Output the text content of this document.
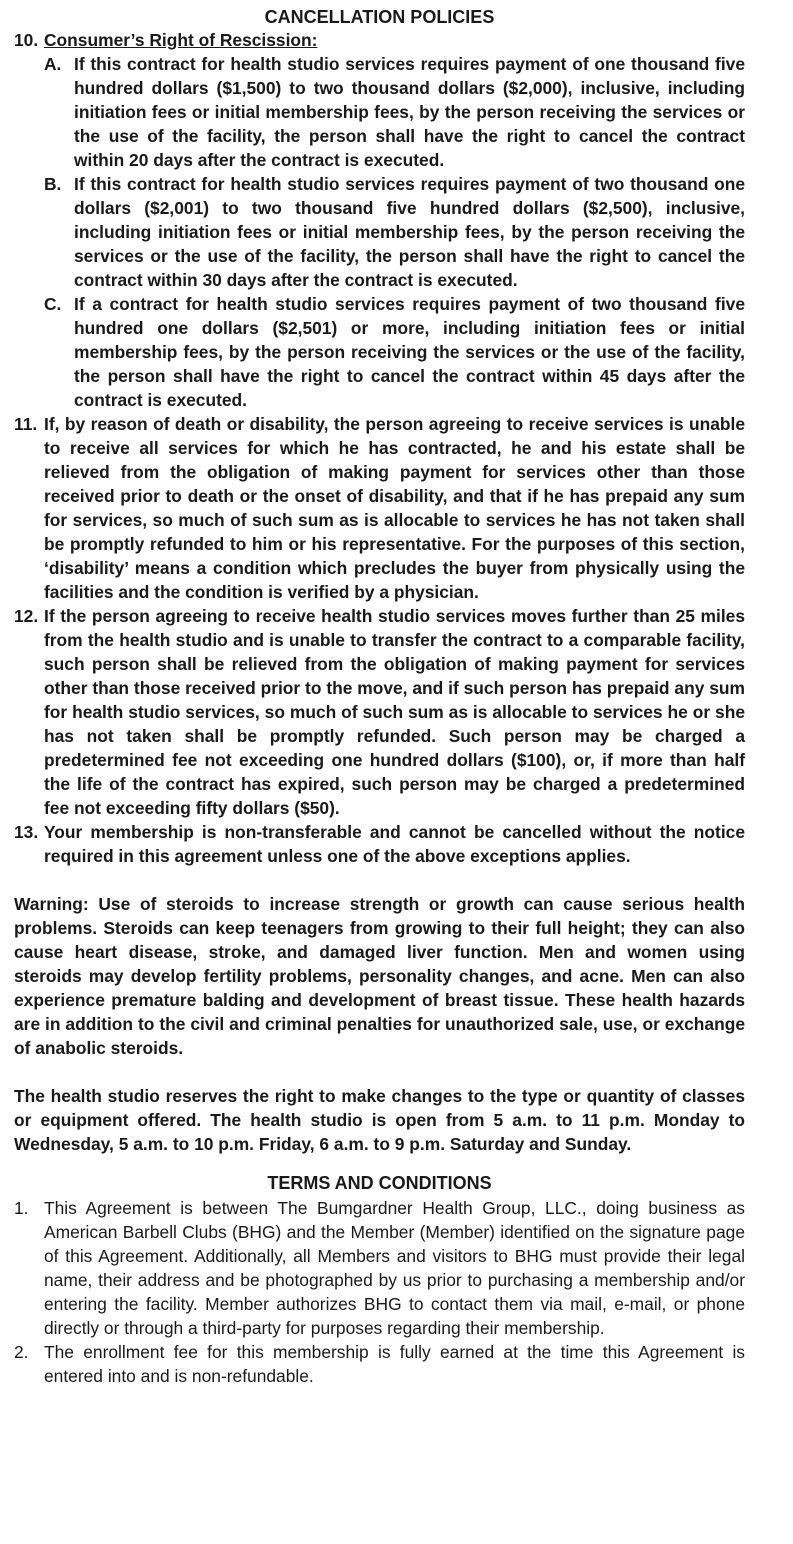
CANCELLATION POLICIES
10. Consumer’s Right of Rescission:
A. If this contract for health studio services requires payment of one thousand five hundred dollars ($1,500) to two thousand dollars ($2,000), inclusive, including initiation fees or initial membership fees, by the person receiving the services or the use of the facility, the person shall have the right to cancel the contract within 20 days after the contract is executed.
B. If this contract for health studio services requires payment of two thousand one dollars ($2,001) to two thousand five hundred dollars ($2,500), inclusive, including initiation fees or initial membership fees, by the person receiving the services or the use of the facility, the person shall have the right to cancel the contract within 30 days after the contract is executed.
C. If a contract for health studio services requires payment of two thousand five hundred one dollars ($2,501) or more, including initiation fees or initial membership fees, by the person receiving the services or the use of the facility, the person shall have the right to cancel the contract within 45 days after the contract is executed.
11. If, by reason of death or disability, the person agreeing to receive services is unable to receive all services for which he has contracted, he and his estate shall be relieved from the obligation of making payment for services other than those received prior to death or the onset of disability, and that if he has prepaid any sum for services, so much of such sum as is allocable to services he has not taken shall be promptly refunded to him or his representative. For the purposes of this section, ‘disability’ means a condition which precludes the buyer from physically using the facilities and the condition is verified by a physician.
12. If the person agreeing to receive health studio services moves further than 25 miles from the health studio and is unable to transfer the contract to a comparable facility, such person shall be relieved from the obligation of making payment for services other than those received prior to the move, and if such person has prepaid any sum for health studio services, so much of such sum as is allocable to services he or she has not taken shall be promptly refunded. Such person may be charged a predetermined fee not exceeding one hundred dollars ($100), or, if more than half the life of the contract has expired, such person may be charged a predetermined fee not exceeding fifty dollars ($50).
13. Your membership is non-transferable and cannot be cancelled without the notice required in this agreement unless one of the above exceptions applies.

Warning: Use of steroids to increase strength or growth can cause serious health problems. Steroids can keep teenagers from growing to their full height; they can also cause heart disease, stroke, and damaged liver function. Men and women using steroids may develop fertility problems, personality changes, and acne. Men can also experience premature balding and development of breast tissue. These health hazards are in addition to the civil and criminal penalties for unauthorized sale, use, or exchange of anabolic steroids.

The health studio reserves the right to make changes to the type or quantity of classes or equipment offered. The health studio is open from 5 a.m. to 11 p.m. Monday to Wednesday, 5 a.m. to 10 p.m. Friday, 6 a.m. to 9 p.m. Saturday and Sunday.

TERMS AND CONDITIONS
1. This Agreement is between The Bumgardner Health Group, LLC., doing business as American Barbell Clubs (BHG) and the Member (Member) identified on the signature page of this Agreement. Additionally, all Members and visitors to BHG must provide their legal name, their address and be photographed by us prior to purchasing a membership and/or entering the facility. Member authorizes BHG to contact them via mail, e-mail, or phone directly or through a third-party for purposes regarding their membership.
2. The enrollment fee for this membership is fully earned at the time this Agreement is entered into and is non-refundable.
